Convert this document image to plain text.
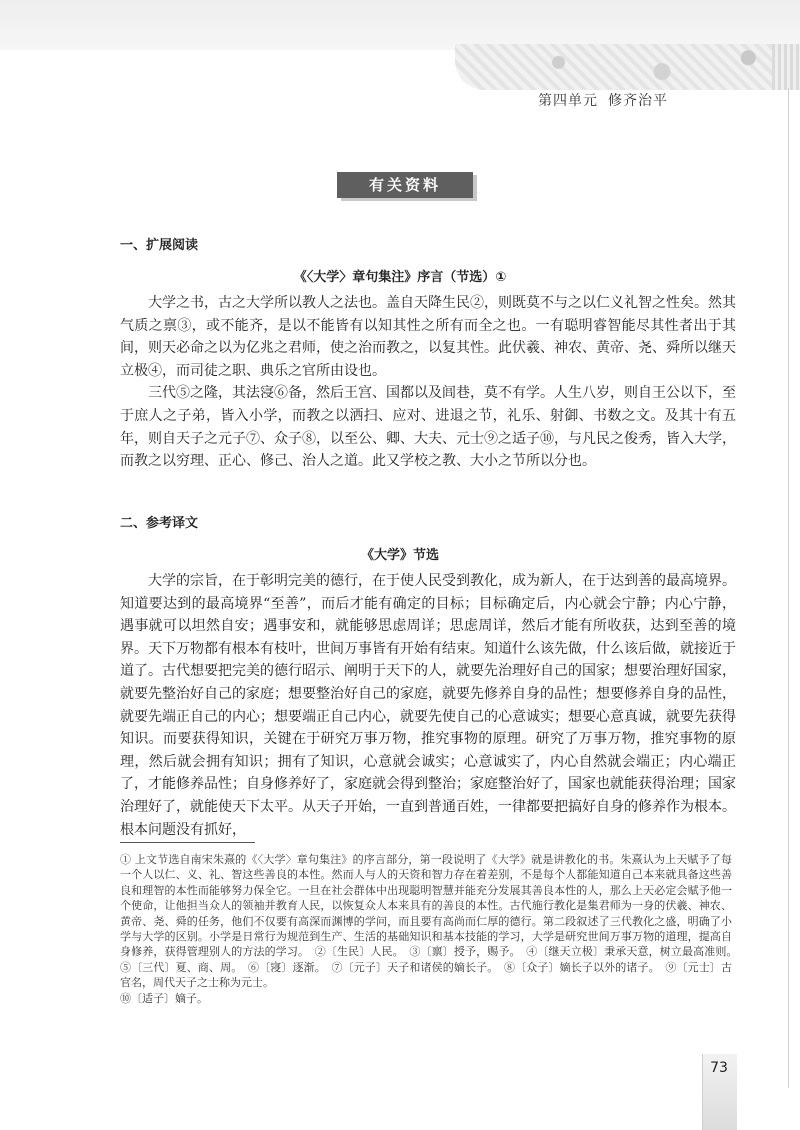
第四单元 修齐治平
有关资料
一、扩展阅读
《〈大学〉章句集注》序言（节选）①

大学之书，古之大学所以教人之法也。盖自天降生民②，则既莫不与之以仁义礼智之性矣。然其气质之禀③，或不能齐，是以不能皆有以知其性之所有而全之也。一有聪明睿智能尽其性者出于其间，则天必命之以为亿兆之君师，使之治而教之，以复其性。此伏羲、神农、黄帝、尧、舜所以继天立极④，而司徒之职、典乐之官所由设也。

三代⑤之隆，其法寖⑥备，然后王宫、国都以及闾巷，莫不有学。人生八岁，则自王公以下，至于庶人之子弟，皆入小学，而教之以洒扫、应对、进退之节，礼乐、射御、书数之文。及其十有五年，则自天子之元子⑦、众子⑧，以至公、卿、大夫、元士⑨之适子⑩，与凡民之俊秀，皆入大学，而教之以穷理、正心、修己、治人之道。此又学校之教、大小之节所以分也。

二、参考译文
《大学》节选

大学的宗旨，在于彰明完美的德行，在于使人民受到教化，成为新人，在于达到善的最高境界。知道要达到的最高境界“至善”，而后才能有确定的目标；目标确定后，内心就会宁静；内心宁静，遇事就可以坦然自安；遇事安和，就能够思虑周详；思虑周详，然后才能有所收获，达到至善的境界。天下万物都有根本有枝叶，世间万事皆有开始有结束。知道什么该先做，什么该后做，就接近于道了。古代想要把完美的德行昭示、阐明于天下的人，就要先治理好自己的国家；想要治理好国家，就要先整治好自己的家庭；想要整治好自己的家庭，就要先修养自身的品性；想要修养自身的品性，就要先端正自己的内心；想要端正自己内心，就要先使自己的心意诚实；想要心意真诚，就要先获得知识。而要获得知识，关键在于研究万事万物，推究事物的原理。研究了万事万物，推究事物的原理，然后就会拥有知识；拥有了知识，心意就会诚实；心意诚实了，内心自然就会端正；内心端正了，才能修养品性；自身修养好了，家庭就会得到整治；家庭整治好了，国家也就能获得治理；国家治理好了，就能使天下太平。从天子开始，一直到普通百姓，一律都要把搞好自身的修养作为根本。根本问题没有抓好，

① 上文节选自南宋朱熹的《〈大学〉章句集注》的序言部分，第一段说明了《大学》就是讲教化的书。朱熹认为上天赋予了每一个人以仁、义、礼、智这些善良的本性。然而人与人的天资和智力存在着差别，不是每个人都能知道自己本来就具备这些善良和理智的本性而能够努力保全它。一旦在社会群体中出现聪明智慧并能充分发展其善良本性的人，那么上天必定会赋予他一个使命，让他担当众人的领袖并教育人民，以恢复众人本来具有的善良的本性。古代施行教化是集君师为一身的伏羲、神农、黄帝、尧、舜的任务，他们不仅要有高深而渊博的学问，而且要有高尚而仁厚的德行。第二段叙述了三代教化之盛，明确了小学与大学的区别。小学是日常行为规范到生产、生活的基础知识和基本技能的学习，大学是研究世间万事万物的道理，提高自身修养，获得管理别人的方法的学习。　②〔生民〕人民。　③〔禀〕授予，赐予。　④〔继天立极〕秉承天意，树立最高准则。　⑤〔三代〕夏、商、周。　⑥〔寖〕逐渐。　⑦〔元子〕天子和诸侯的嫡长子。　⑧〔众子〕嫡长子以外的诸子。　⑨〔元士〕古官名，周代天子之士称为元士。

⑩〔适子〕嫡子。

73
